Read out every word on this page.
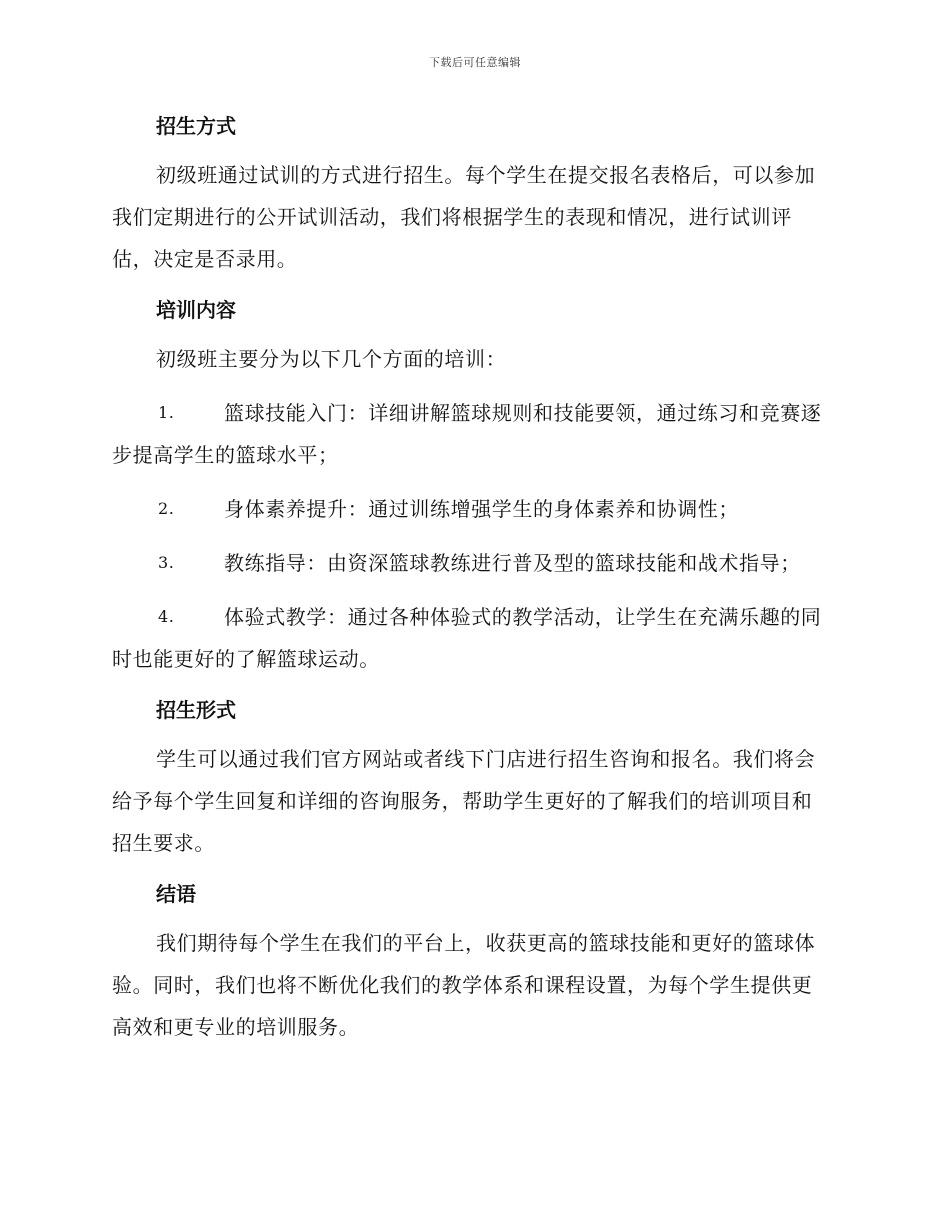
下载后可任意编辑
招生方式

初级班通过试训的方式进行招生。每个学生在提交报名表格后，可以参加我们定期进行的公开试训活动，我们将根据学生的表现和情况，进行试训评估，决定是否录用。

培训内容

初级班主要分为以下几个方面的培训：

1. 篮球技能入门：详细讲解篮球规则和技能要领，通过练习和竞赛逐步提高学生的篮球水平；

2. 身体素养提升：通过训练增强学生的身体素养和协调性；

3. 教练指导：由资深篮球教练进行普及型的篮球技能和战术指导；

4. 体验式教学：通过各种体验式的教学活动，让学生在充满乐趣的同时也能更好的了解篮球运动。

招生形式

学生可以通过我们官方网站或者线下门店进行招生咨询和报名。我们将会给予每个学生回复和详细的咨询服务，帮助学生更好的了解我们的培训项目和招生要求。

结语

我们期待每个学生在我们的平台上，收获更高的篮球技能和更好的篮球体验。同时，我们也将不断优化我们的教学体系和课程设置，为每个学生提供更高效和更专业的培训服务。
